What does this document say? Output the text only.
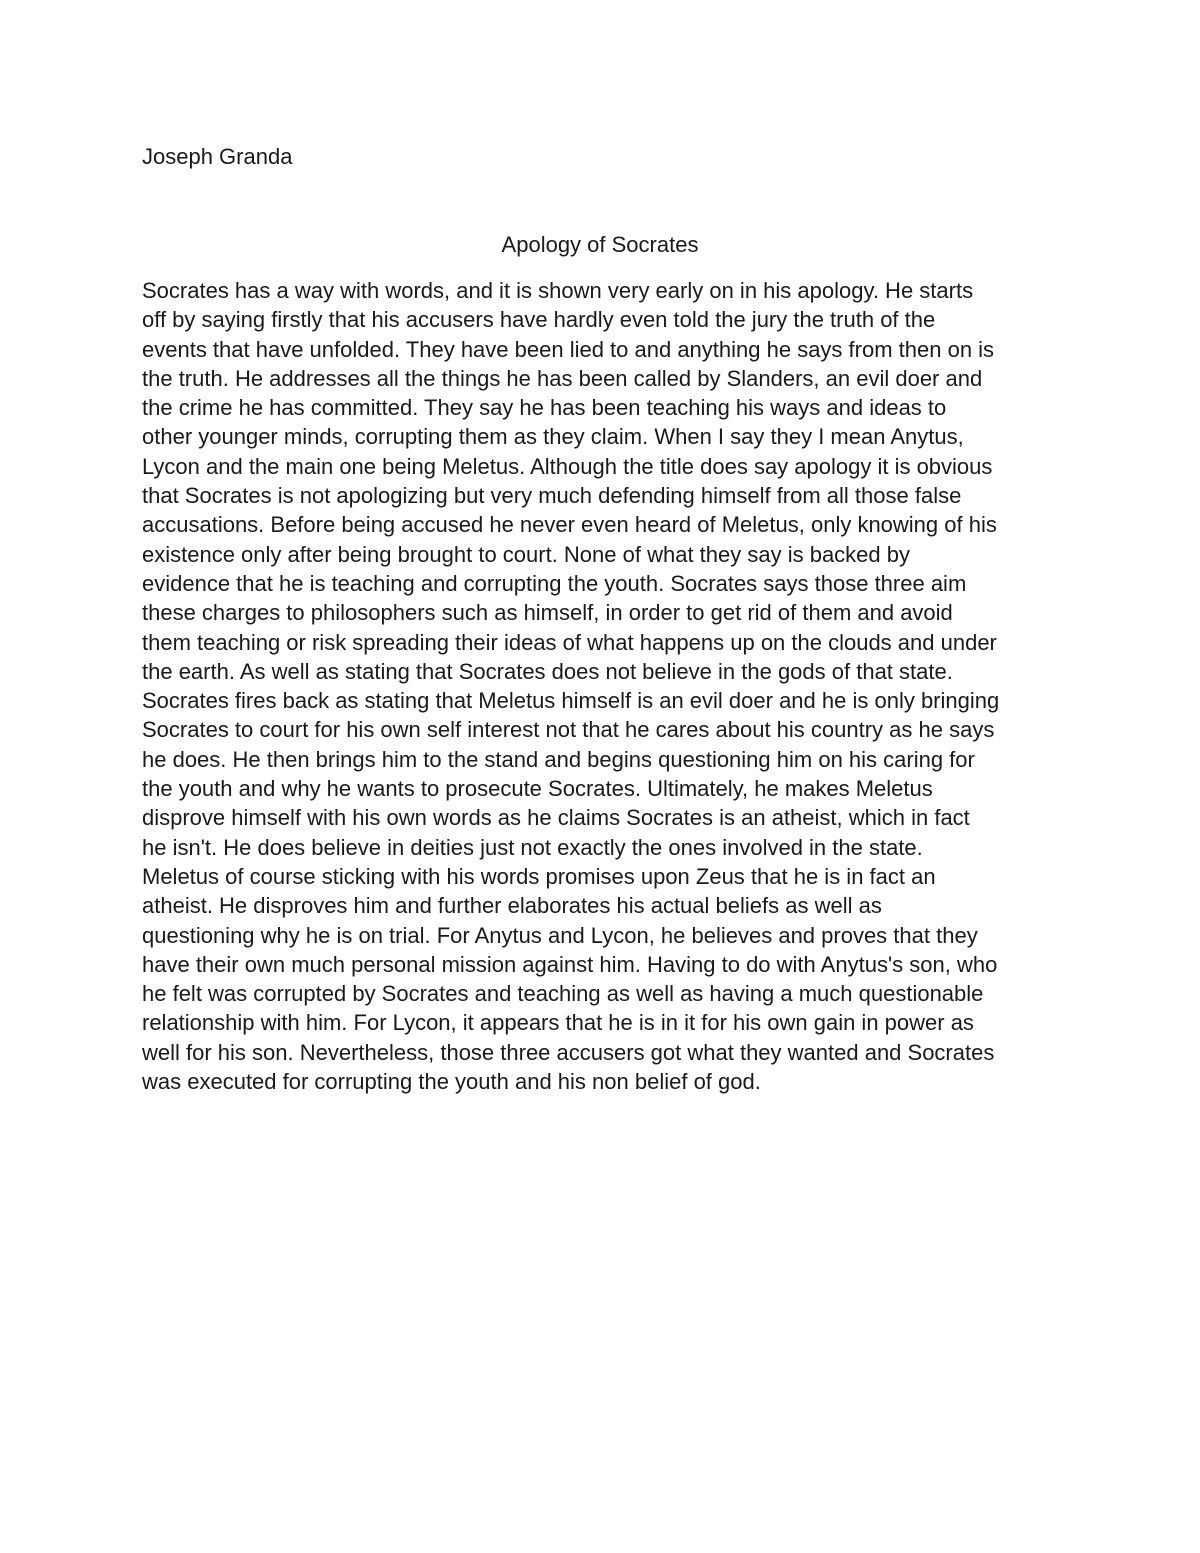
Joseph Granda

Apology of Socrates

Socrates has a way with words, and it is shown very early on in his apology. He starts
off by saying firstly that his accusers have hardly even told the jury the truth of the
events that have unfolded. They have been lied to and anything he says from then on is
the truth. He addresses all the things he has been called by Slanders, an evil doer and
the crime he has committed. They say he has been teaching his ways and ideas to
other younger minds, corrupting them as they claim. When I say they I mean Anytus,
Lycon and the main one being Meletus. Although the title does say apology it is obvious
that Socrates is not apologizing but very much defending himself from all those false
accusations. Before being accused he never even heard of Meletus, only knowing of his
existence only after being brought to court. None of what they say is backed by
evidence that he is teaching and corrupting the youth. Socrates says those three aim
these charges to philosophers such as himself, in order to get rid of them and avoid
them teaching or risk spreading their ideas of what happens up on the clouds and under
the earth. As well as stating that Socrates does not believe in the gods of that state.
Socrates fires back as stating that Meletus himself is an evil doer and he is only bringing
Socrates to court for his own self interest not that he cares about his country as he says
he does. He then brings him to the stand and begins questioning him on his caring for
the youth and why he wants to prosecute Socrates. Ultimately, he makes Meletus
disprove himself with his own words as he claims Socrates is an atheist, which in fact
he isn't. He does believe in deities just not exactly the ones involved in the state.
Meletus of course sticking with his words promises upon Zeus that he is in fact an
atheist. He disproves him and further elaborates his actual beliefs as well as
questioning why he is on trial. For Anytus and Lycon, he believes and proves that they
have their own much personal mission against him. Having to do with Anytus's son, who
he felt was corrupted by Socrates and teaching as well as having a much questionable
relationship with him. For Lycon, it appears that he is in it for his own gain in power as
well for his son. Nevertheless, those three accusers got what they wanted and Socrates
was executed for corrupting the youth and his non belief of god.
